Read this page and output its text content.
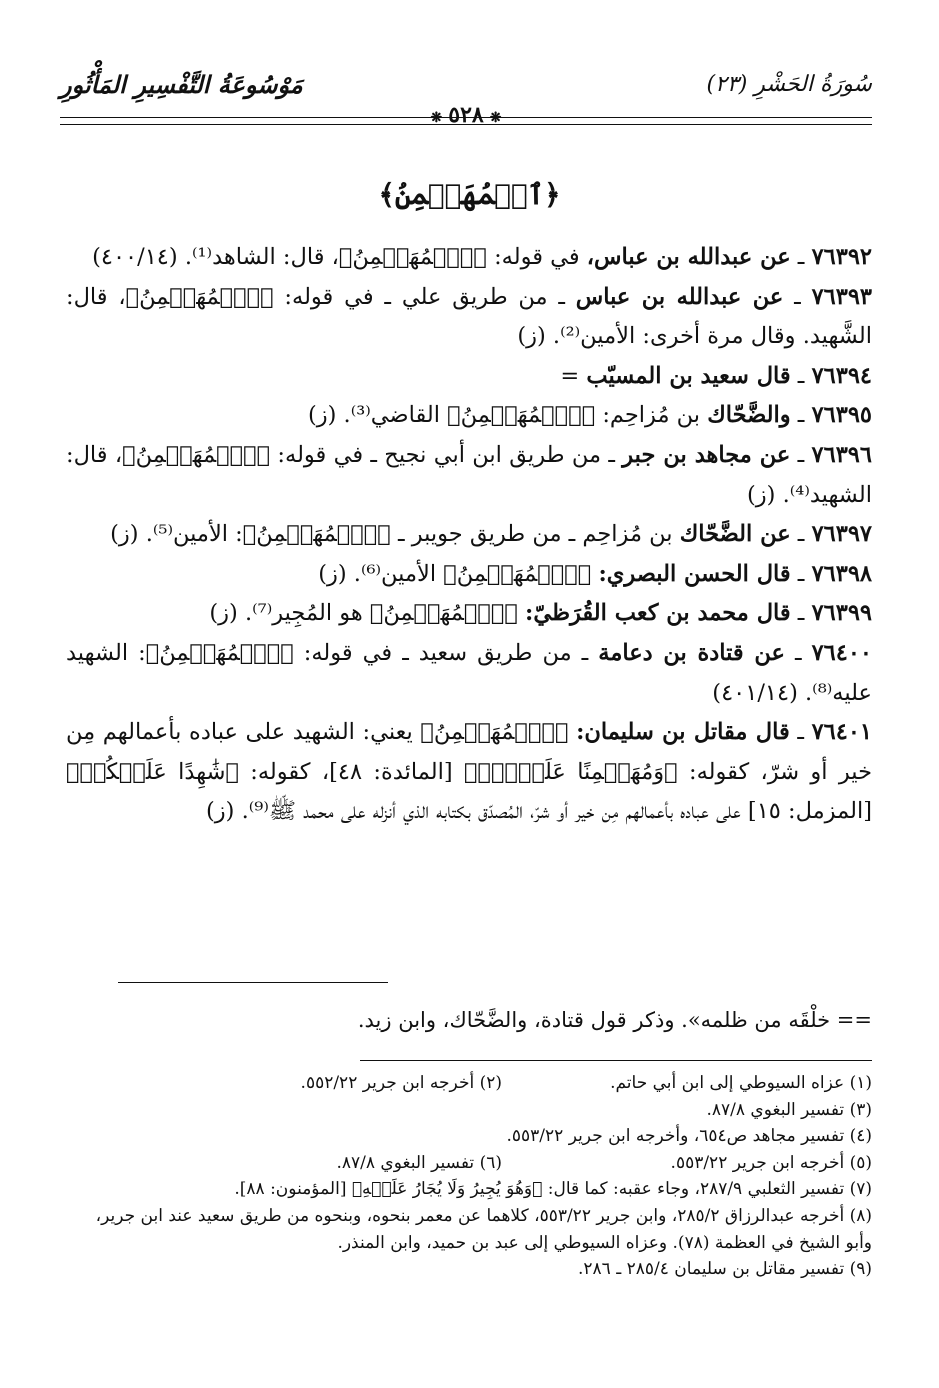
سُورَةُ الحَشْرِ (٢٣)
مَوْسُوعَةُ التَّفْسِيرِ المَأْثُورِ
❋٥٢٨❋
﴿ٱلۡمُهَيۡمِنُ﴾
٧٦٣٩٢ ـ عن عبدالله بن عباس، في قوله: ﴿ٱلۡمُهَيۡمِنُ﴾، قال: الشاهد⁽¹⁾. (٤٠٠/١٤)
٧٦٣٩٣ ـ عن عبدالله بن عباس ـ من طريق علي ـ في قوله: ﴿ٱلۡمُهَيۡمِنُ﴾، قال: الشَّهيد. وقال مرة أخرى: الأمين⁽²⁾. (ز)
٧٦٣٩٤ ـ قال سعيد بن المسيّب =
٧٦٣٩٥ ـ والضَّحّاك بن مُزاحِم: ﴿ٱلۡمُهَيۡمِنُ﴾ القاضي⁽³⁾. (ز)
٧٦٣٩٦ ـ عن مجاهد بن جبر ـ من طريق ابن أبي نجيح ـ في قوله: ﴿ٱلۡمُهَيۡمِنُ﴾، قال: الشهيد⁽⁴⁾. (ز)
٧٦٣٩٧ ـ عن الضَّحّاك بن مُزاحِم ـ من طريق جويبر ـ ﴿ٱلۡمُهَيۡمِنُ﴾: الأمين⁽⁵⁾. (ز)
٧٦٣٩٨ ـ قال الحسن البصري: ﴿ٱلۡمُهَيۡمِنُ﴾ الأمين⁽⁶⁾. (ز)
٧٦٣٩٩ ـ قال محمد بن كعب القُرَظيّ: ﴿ٱلۡمُهَيۡمِنُ﴾ هو المُجِير⁽⁷⁾. (ز)
٧٦٤٠٠ ـ عن قتادة بن دعامة ـ من طريق سعيد ـ في قوله: ﴿ٱلۡمُهَيۡمِنُ﴾: الشهيد عليه⁽⁸⁾. (٤٠١/١٤)
٧٦٤٠١ ـ قال مقاتل بن سليمان: ﴿ٱلۡمُهَيۡمِنُ﴾ يعني: الشهيد على عباده بأعمالهم مِن خير أو شرّ، كقوله: ﴿وَمُهَيۡمِنًا عَلَيۡهِۖ﴾ [المائدة: ٤٨]، كقوله: ﴿شَٰهِدًا عَلَيۡكُمۡ﴾ [المزمل: ١٥] على عباده بأعمالهم مِن خير أو شرّ، المُصدّق بكتابه الذي أنزله على محمد ﷺ⁽⁹⁾. (ز)
== خلْقَه من ظلمه». وذكر قول قتادة، والضَّحّاك، وابن زيد.
(١) عزاه السيوطي إلى ابن أبي حاتم.
(٢) أخرجه ابن جرير ٥٥٢/٢٢.
(٣) تفسير البغوي ٨٧/٨.
(٤) تفسير مجاهد ص٦٥٤، وأخرجه ابن جرير ٥٥٣/٢٢.
(٥) أخرجه ابن جرير ٥٥٣/٢٢.
(٦) تفسير البغوي ٨٧/٨.
(٧) تفسير الثعلبي ٢٨٧/٩، وجاء عقبه: كما قال: ﴿وَهُوَ يُجِيرُ وَلَا يُجَارُ عَلَيۡهِ﴾ [المؤمنون: ٨٨].
(٨) أخرجه عبدالرزاق ٢٨٥/٢، وابن جرير ٥٥٣/٢٢، كلاهما عن معمر بنحوه، وبنحوه من طريق سعيد عند ابن جرير، وأبو الشيخ في العظمة (٧٨). وعزاه السيوطي إلى عبد بن حميد، وابن المنذر.
(٩) تفسير مقاتل بن سليمان ٢٨٥/٤ ـ ٢٨٦.
